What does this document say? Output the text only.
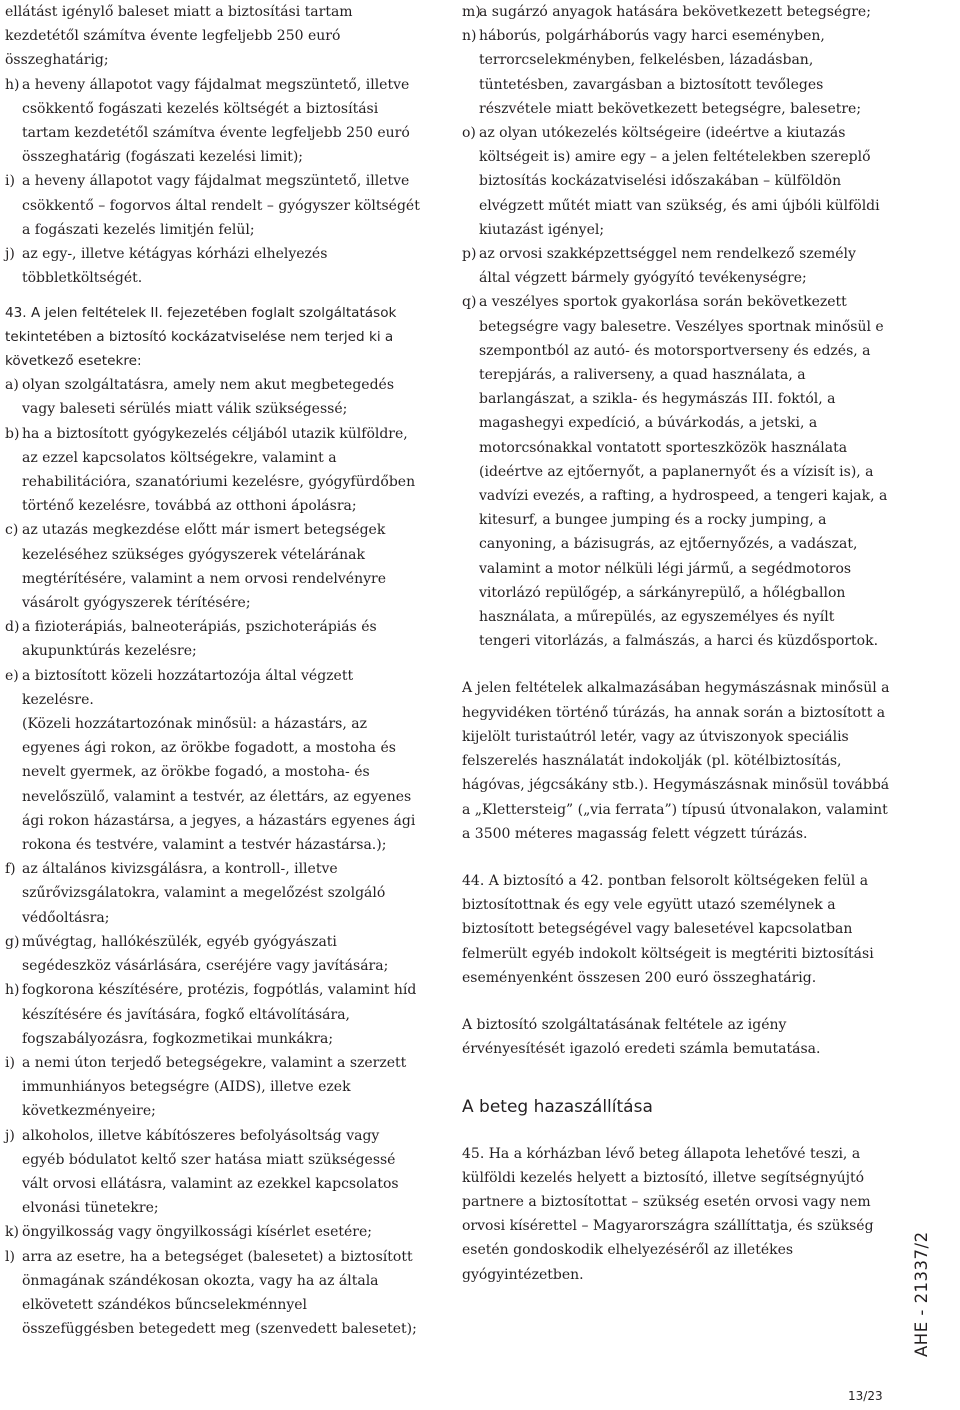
ellátást igénylő baleset miatt a biztosítási tartam kezdetétől számítva évente legfeljebb 250 euró összeghatárig;

h) a heveny állapotot vagy fájdalmat megszüntető, illetve csökkentő fogászati kezelés költségét a biztosítási tartam kezdetétől számítva évente legfeljebb 250 euró összeghatárig (fogászati kezelési limit);
i) a heveny állapotot vagy fájdalmat megszüntető, illetve csökkentő – fogorvos által rendelt – gyógyszer költségét a fogászati kezelés limitjén felül;
j) az egy-, illetve kétágyas kórházi elhelyezés többletköltségét.
43. A jelen feltételek II. fejezetében foglalt szolgáltatások tekintetében a biztosító kockázatviselése nem terjed ki a következő esetekre:
a) olyan szolgáltatásra, amely nem akut megbetegedés vagy baleseti sérülés miatt válik szükségessé;
b) ha a biztosított gyógykezelés céljából utazik külföldre, az ezzel kapcsolatos költségekre, valamint a rehabilitációra, szanatóriumi kezelésre, gyógyfürdőben történő kezelésre, továbbá az otthoni ápolásra;
c) az utazás megkezdése előtt már ismert betegségek kezeléséhez szükséges gyógyszerek vételárának megtérítésére, valamint a nem orvosi rendelvényre vásárolt gyógyszerek térítésére;
d) a fizioterápiás, balneoterápiás, pszichoterápiás és akupunktúrás kezelésre;
e) a biztosított közeli hozzátartozója által végzett kezelésre.
(Közeli hozzátartozónak minősül: a házastárs, az egyenes ági rokon, az örökbe fogadott, a mostoha és nevelt gyermek, az örökbe fogadó, a mostoha- és nevelőszülő, valamint a testvér, az élettárs, az egyenes ági rokon házastársa, a jegyes, a házastárs egyenes ági rokona és testvére, valamint a testvér házastársa.);
f) az általános kivizsgálásra, a kontroll-, illetve szűrővizsgálatokra, valamint a megelőzést szolgáló védőoltásra;
g) művégtag, hallókészülék, egyéb gyógyászati segédeszköz vásárlására, cseréjére vagy javítására;
h) fogkorona készítésére, protézis, fogpótlás, valamint híd készítésére és javítására, fogkő eltávolítására, fogszabályozásra, fogkozmetikai munkákra;
i) a nemi úton terjedő betegségekre, valamint a szerzett immunhiányos betegségre (AIDS), illetve ezek következményeire;
j) alkoholos, illetve kábítószeres befolyásoltság vagy egyéb bódulatot keltő szer hatása miatt szükségessé vált orvosi ellátásra, valamint az ezekkel kapcsolatos elvonási tünetekre;
k) öngyilkosság vagy öngyilkossági kísérlet esetére;
l) arra az esetre, ha a betegséget (balesetet) a biztosított önmagának szándékosan okozta, vagy ha az általa elkövetett szándékos bűncselekménnyel összefüggésben betegedett meg (szenvedett balesetet);
m)
a sugárzó anyagok hatására bekövetkezett betegségre;
n) háborús, polgárháborús vagy harci eseményben, terrorcselekményben, felkelésben, lázadásban, tüntetésben, zavargásban a biztosított tevőleges részvétele miatt bekövetkezett betegségre, balesetre;
o) az olyan utókezelés költségeire (ideértve a kiutazás költségeit is) amire egy – a jelen feltételekben szereplő biztosítás kockázatviselési időszakában – külföldön elvégzett műtét miatt van szükség, és ami újbóli külföldi kiutazást igényel;
p) az orvosi szakképzettséggel nem rendelkező személy által végzett bármely gyógyító tevékenységre;
q) a veszélyes sportok gyakorlása során bekövetkezett betegségre vagy balesetre. Veszélyes sportnak minősül e szempontból az autó- és motorsportverseny és edzés, a terepjárás, a raliverseny, a quad használata, a barlangászat, a szikla- és hegymászás III. foktól, a magashegyi expedíció, a búvárkodás, a jetski, a motorcsónakkal vontatott sporteszközök használata (ideértve az ejtőernyőt, a paplanernyőt és a vízisít is), a vadvízi evezés, a rafting, a hydrospeed, a tengeri kajak, a kitesurf, a bungee jumping és a rocky jumping, a canyoning, a bázisugrás, az ejtőernyőzés, a vadászat, valamint a motor nélküli légi jármű, a segédmotoros vitorlázó repülőgép, a sárkányrepülő, a hőlégballon használata, a műrepülés, az egyszemélyes és nyílt tengeri vitorlázás, a falmászás, a harci és küzdősportok.

A jelen feltételek alkalmazásában hegymászásnak minősül a hegyvidéken történő túrázás, ha annak során a biztosított a kijelölt turistaútról letér, vagy az útviszonyok speciális felszerelés használatát indokolják (pl. kötélbiztosítás, hágóvas, jégcsákány stb.). Hegymászásnak minősül továbbá a „Klettersteig” („via ferrata”) típusú útvonalakon, valamint a 3500 méteres magasság felett végzett túrázás.

44. A biztosító a 42. pontban felsorolt költségeken felül a biztosítottnak és egy vele együtt utazó személynek a biztosított betegségével vagy balesetével kapcsolatban felmerült egyéb indokolt költségeit is megtériti biztosítási eseményenként összesen 200 euró összeghatárig.

A biztosító szolgáltatásának feltétele az igény érvényesítését igazoló eredeti számla bemutatása.

A beteg hazaszállítása

45. Ha a kórházban lévő beteg állapota lehetővé teszi, a külföldi kezelés helyett a biztosító, illetve segítségnyújtó partnere a biztosítottat – szükség esetén orvosi vagy nem orvosi kísérettel – Magyarországra szállíttatja, és szükség esetén gondoskodik elhelyezéséről az illetékes gyógyintézetben.	AHE - 21337/2
13/23
